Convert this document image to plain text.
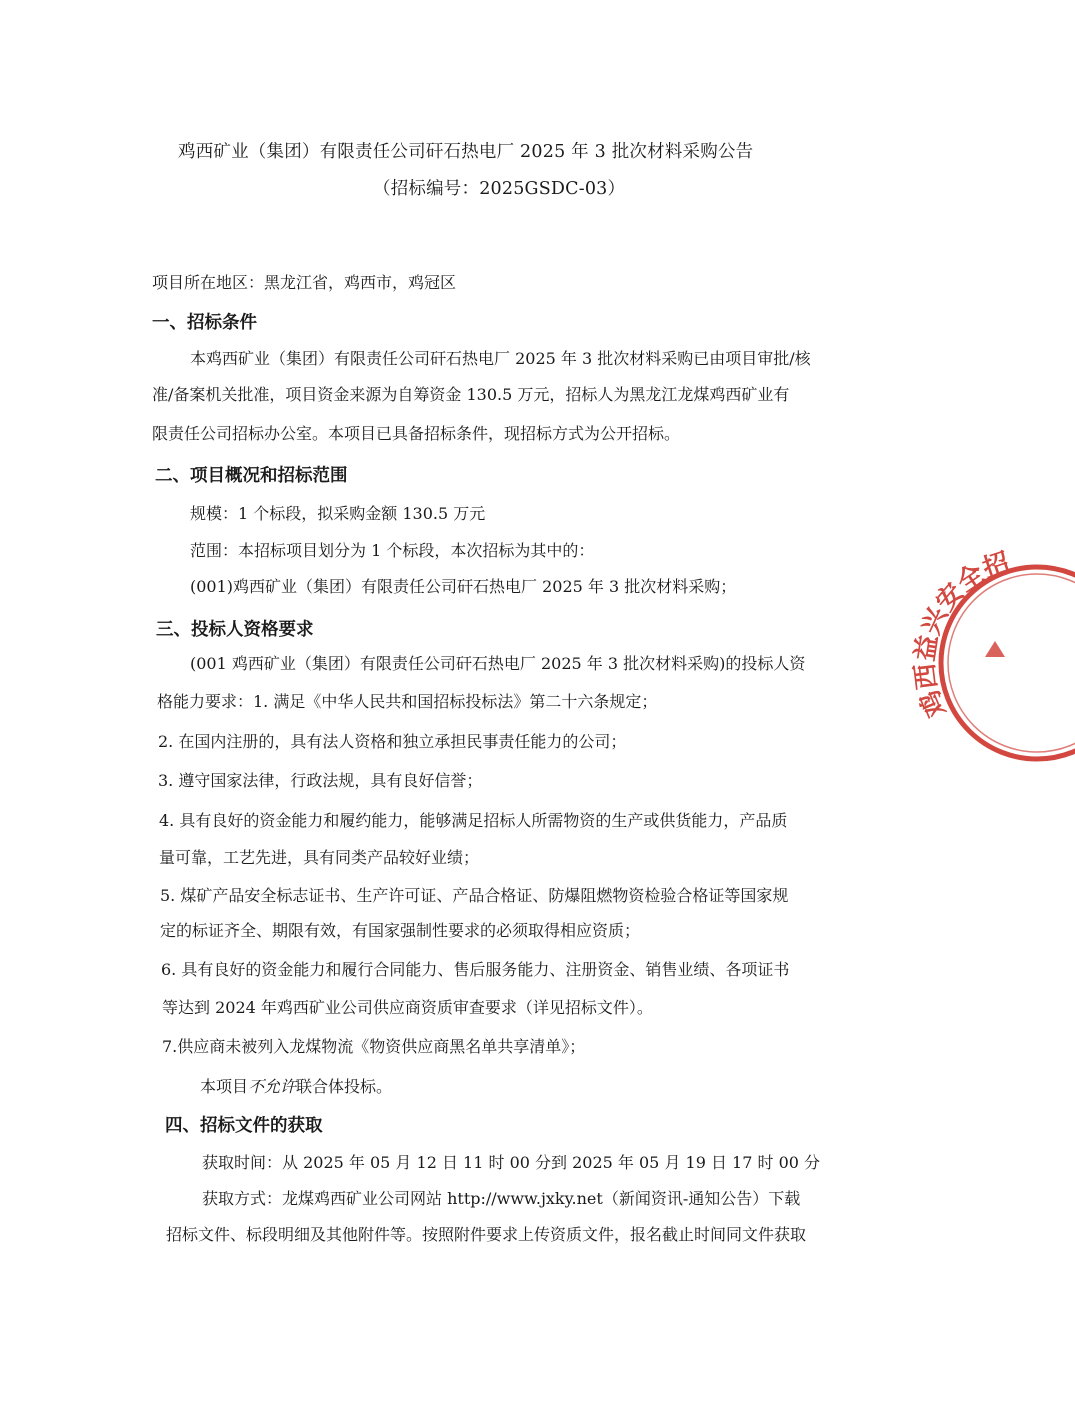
鸡西矿业（集团）有限责任公司矸石热电厂 2025 年 3 批次材料采购公告
（招标编号：2025GSDC-03）
项目所在地区：黑龙江省，鸡西市，鸡冠区
一、招标条件
本鸡西矿业（集团）有限责任公司矸石热电厂 2025 年 3 批次材料采购已由项目审批/核
准/备案机关批准，项目资金来源为自筹资金 130.5 万元，招标人为黑龙江龙煤鸡西矿业有
限责任公司招标办公室。本项目已具备招标条件，现招标方式为公开招标。
二、项目概况和招标范围
规模：1 个标段，拟采购金额 130.5 万元
范围：本招标项目划分为 1 个标段，本次招标为其中的：
(001)鸡西矿业（集团）有限责任公司矸石热电厂 2025 年 3 批次材料采购；
三、投标人资格要求
(001 鸡西矿业（集团）有限责任公司矸石热电厂 2025 年 3 批次材料采购)的投标人资
格能力要求：1. 满足《中华人民共和国招标投标法》第二十六条规定；
2. 在国内注册的，具有法人资格和独立承担民事责任能力的公司；
3. 遵守国家法律，行政法规，具有良好信誉；
4. 具有良好的资金能力和履约能力，能够满足招标人所需物资的生产或供货能力，产品质
量可靠，工艺先进，具有同类产品较好业绩；
5. 煤矿产品安全标志证书、生产许可证、产品合格证、防爆阻燃物资检验合格证等国家规
定的标证齐全、期限有效，有国家强制性要求的必须取得相应资质；
6. 具有良好的资金能力和履行合同能力、售后服务能力、注册资金、销售业绩、各项证书
等达到 2024 年鸡西矿业公司供应商资质审查要求（详见招标文件）。
7.供应商未被列入龙煤物流《物资供应商黑名单共享清单》；
本项目不允许联合体投标。
四、招标文件的获取
获取时间：从 2025 年 05 月 12 日 11 时 00 分到 2025 年 05 月 19 日 17 时 00 分
获取方式：龙煤鸡西矿业公司网站 http://www.jxky.net（新闻资讯-通知公告）下载
招标文件、标段明细及其他附件等。按照附件要求上传资质文件，报名截止时间同文件获取
鸡西益兴安全招
